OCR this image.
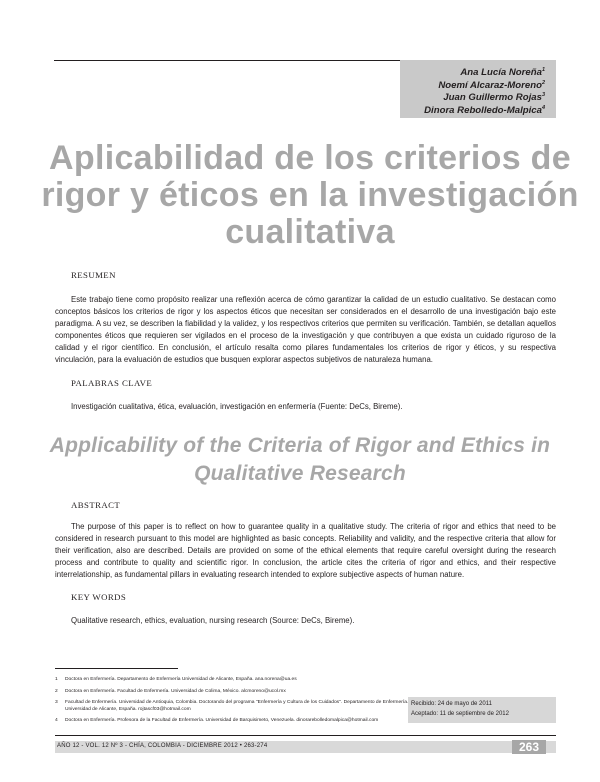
Ana Lucía Noreña$^1$
Noemí Alcaraz-Moreno$^2$
Juan Guillermo Rojas$^3$
Dinora Rebolledo-Malpica$^4$
Aplicabilidad de los criterios de rigor y éticos en la investigación cualitativa
RESUMEN

Este trabajo tiene como propósito realizar una reflexión acerca de cómo garantizar la calidad de un estudio cualitativo. Se destacan como conceptos básicos los criterios de rigor y los aspectos éticos que necesitan ser considerados en el desarrollo de una investigación bajo este paradigma. A su vez, se describen la fiabilidad y la validez, y los respectivos criterios que permiten su verificación. También, se detallan aquellos componentes éticos que requieren ser vigilados en el proceso de la investigación y que contribuyen a que exista un cuidado riguroso de la calidad y el rigor científico. En conclusión, el artículo resalta como pilares fundamentales los criterios de rigor y éticos, y su respectiva vinculación, para la evaluación de estudios que busquen explorar aspectos subjetivos de naturaleza humana.

PALABRAS CLAVE
Investigación cualitativa, ética, evaluación, investigación en enfermería (Fuente: DeCs, Bireme).
Applicability of the Criteria of Rigor and Ethics in Qualitative Research
ABSTRACT

The purpose of this paper is to reflect on how to guarantee quality in a qualitative study. The criteria of rigor and ethics that need to be considered in research pursuant to this model are highlighted as basic concepts. Reliability and validity, and the respective criteria that allow for their verification, also are described. Details are provided on some of the ethical elements that require careful oversight during the research process and contribute to quality and scientific rigor. In conclusion, the article cites the criteria of rigor and ethics, and their respective interrelationship, as fundamental pillars in evaluating research intended to explore subjective aspects of human nature.

KEY WORDS
Qualitative research, ethics, evaluation, nursing research (Source: DeCs, Bireme).
1 Doctora en Enfermería. Departamento de Enfermería Universidad de Alicante, España. ana.norena@ua.es
2 Doctora en Enfermería. Facultad de Enfermería. Universidad de Colima, México. alcmoreno@ucol.mx
3 Facultad de Enfermería. Universidad de Antioquia, Colombia. Doctorando del programa "Enfermería y Cultura de los Cuidados". Departamento de Enfermería. Universidad de Alicante, España. rojtascf03@hotmail.com
4 Doctora en Enfermería. Profesora de la Facultad de Enfermería. Universidad de Barquisimeto, Venezuela. dinorarebolledomalpica@hotmail.com
Recibido: 24 de mayo de 2011
Aceptado: 11 de septiembre de 2012
AÑO 12 - VOL. 12 Nº 3 - CHÍA, COLOMBIA - DICIEMBRE 2012 • 263-274	263
